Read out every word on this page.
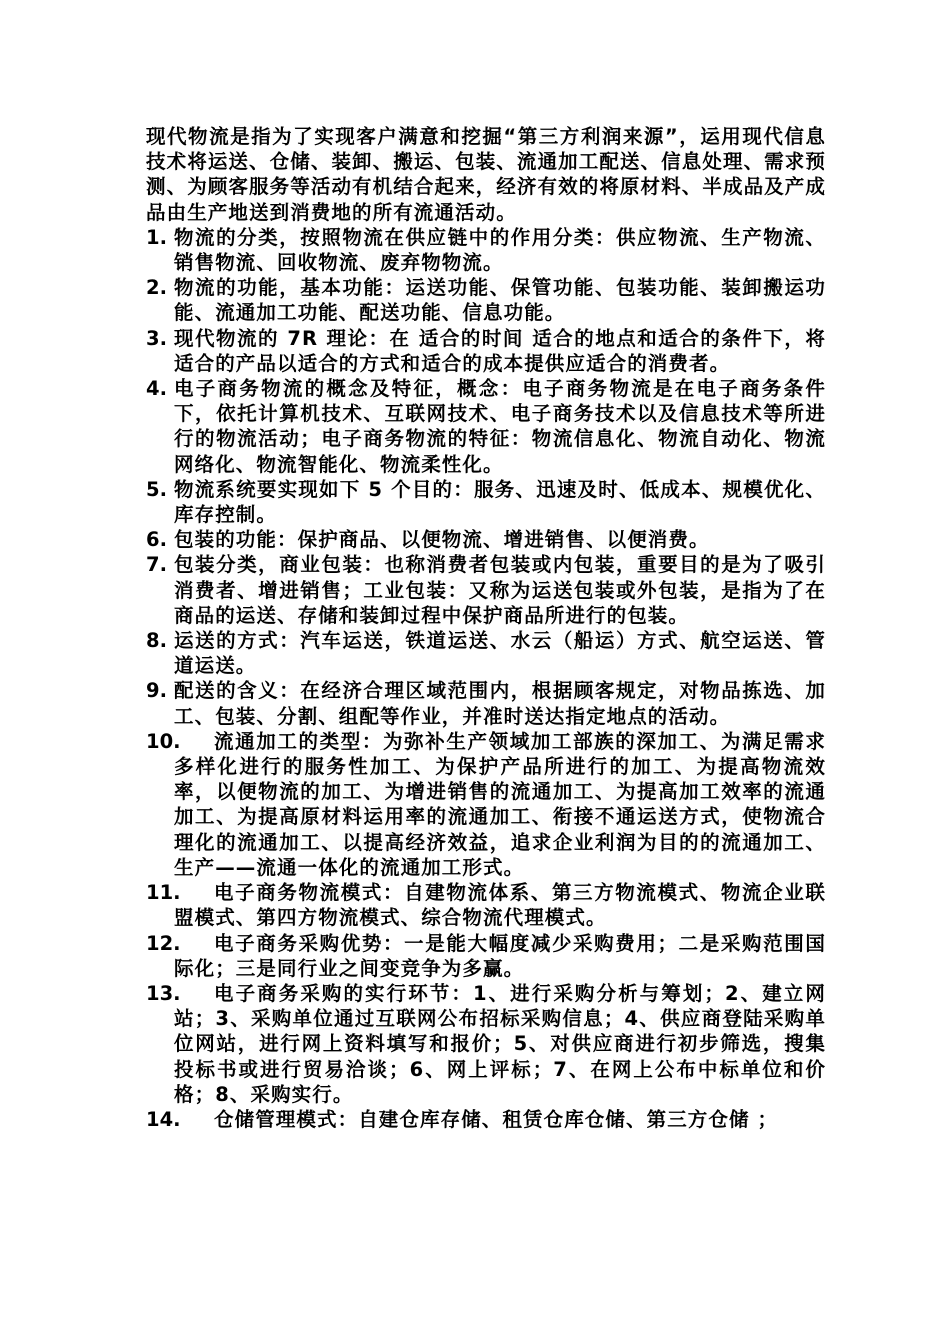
现代物流是指为了实现客户满意和挖掘“第三方利润来源”，运用现代信息技术将运送、仓储、装卸、搬运、包装、流通加工配送、信息处理、需求预测、为顾客服务等活动有机结合起来，经济有效的将原材料、半成品及产成品由生产地送到消费地的所有流通活动。

1. 物流的分类，按照物流在供应链中的作用分类：供应物流、生产物流、销售物流、回收物流、废弃物物流。
2. 物流的功能，基本功能：运送功能、保管功能、包装功能、装卸搬运功能、流通加工功能、配送功能、信息功能。
3. 现代物流的 7R 理论：在 适合的时间 适合的地点和适合的条件下，将适合的产品以适合的方式和适合的成本提供应适合的消费者。
4. 电子商务物流的概念及特征，概念：电子商务物流是在电子商务条件下，依托计算机技术、互联网技术、电子商务技术以及信息技术等所进行的物流活动；电子商务物流的特征：物流信息化、物流自动化、物流网络化、物流智能化、物流柔性化。
5. 物流系统要实现如下 5 个目的：服务、迅速及时、低成本、规模优化、库存控制。
6. 包装的功能：保护商品、以便物流、增进销售、以便消费。
7. 包装分类，商业包装：也称消费者包装或内包装，重要目的是为了吸引消费者、增进销售；工业包装：又称为运送包装或外包装，是指为了在商品的运送、存储和装卸过程中保护商品所进行的包装。
8. 运送的方式：汽车运送，铁道运送、水云（船运）方式、航空运送、管道运送。
9. 配送的含义：在经济合理区域范围内，根据顾客规定，对物品拣选、加工、包装、分割、组配等作业，并准时送达指定地点的活动。
10.	流通加工的类型：为弥补生产领域加工部族的深加工、为满足需求多样化进行的服务性加工、为保护产品所进行的加工、为提高物流效率，以便物流的加工、为增进销售的流通加工、为提高加工效率的流通加工、为提高原材料运用率的流通加工、衔接不通运送方式，使物流合理化的流通加工、以提高经济效益，追求企业利润为目的的流通加工、生产——流通一体化的流通加工形式。
11.	电子商务物流模式：自建物流体系、第三方物流模式、物流企业联盟模式、第四方物流模式、综合物流代理模式。
12.	电子商务采购优势：一是能大幅度减少采购费用；二是采购范围国际化；三是同行业之间变竞争为多赢。
13.	电子商务采购的实行环节：1、进行采购分析与筹划；2、建立网站；3、采购单位通过互联网公布招标采购信息；4、供应商登陆采购单位网站，进行网上资料填写和报价；5、对供应商进行初步筛选，搜集投标书或进行贸易洽谈；6、网上评标；7、在网上公布中标单位和价格；8、采购实行。
14.	仓储管理模式：自建仓库存储、租赁仓库仓储、第三方仓储 ；
